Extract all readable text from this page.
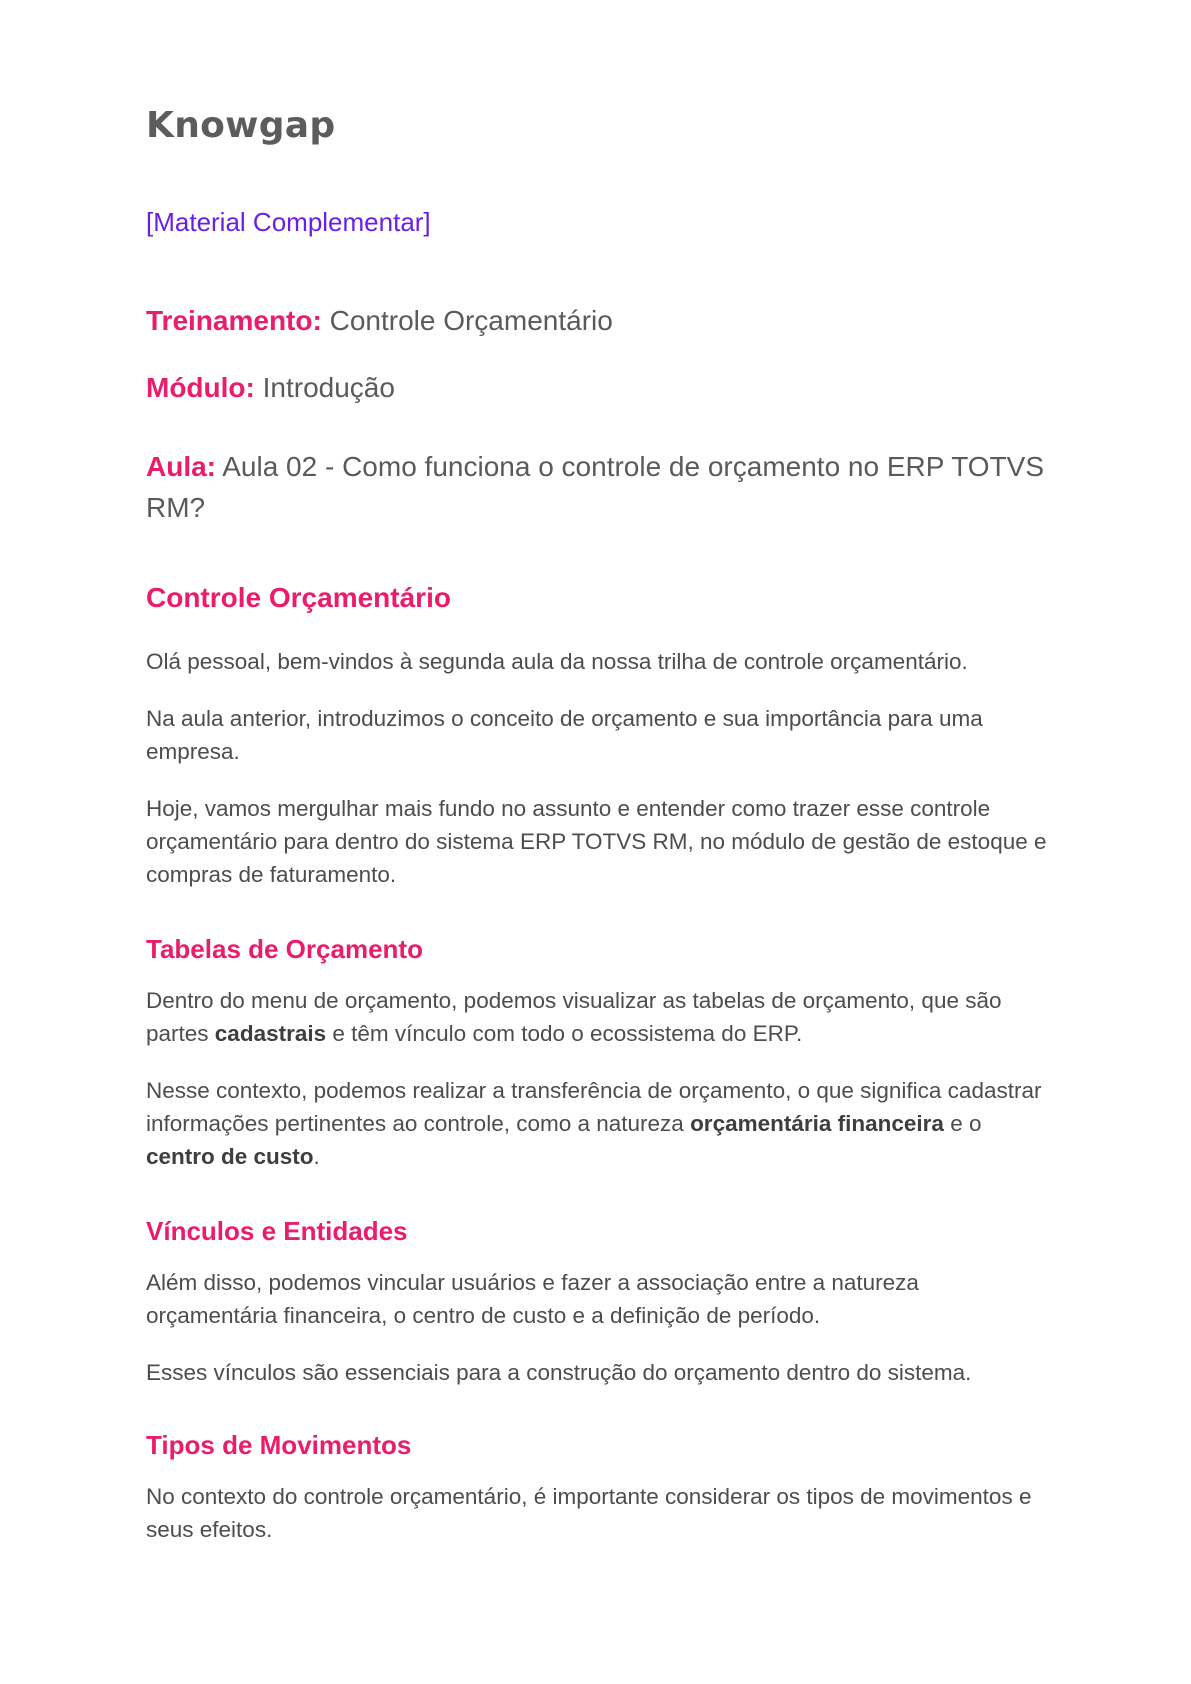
Knowgap

[Material Complementar]

Treinamento: Controle Orçamentário

Módulo: Introdução

Aula: Aula 02 - Como funciona o controle de orçamento no ERP TOTVS RM?

Controle Orçamentário

Olá pessoal, bem-vindos à segunda aula da nossa trilha de controle orçamentário.

Na aula anterior, introduzimos o conceito de orçamento e sua importância para uma empresa.

Hoje, vamos mergulhar mais fundo no assunto e entender como trazer esse controle orçamentário para dentro do sistema ERP TOTVS RM, no módulo de gestão de estoque e compras de faturamento.

Tabelas de Orçamento

Dentro do menu de orçamento, podemos visualizar as tabelas de orçamento, que são partes cadastrais e têm vínculo com todo o ecossistema do ERP.

Nesse contexto, podemos realizar a transferência de orçamento, o que significa cadastrar informações pertinentes ao controle, como a natureza orçamentária financeira e o centro de custo.

Vínculos e Entidades

Além disso, podemos vincular usuários e fazer a associação entre a natureza orçamentária financeira, o centro de custo e a definição de período.

Esses vínculos são essenciais para a construção do orçamento dentro do sistema.

Tipos de Movimentos

No contexto do controle orçamentário, é importante considerar os tipos de movimentos e seus efeitos.
